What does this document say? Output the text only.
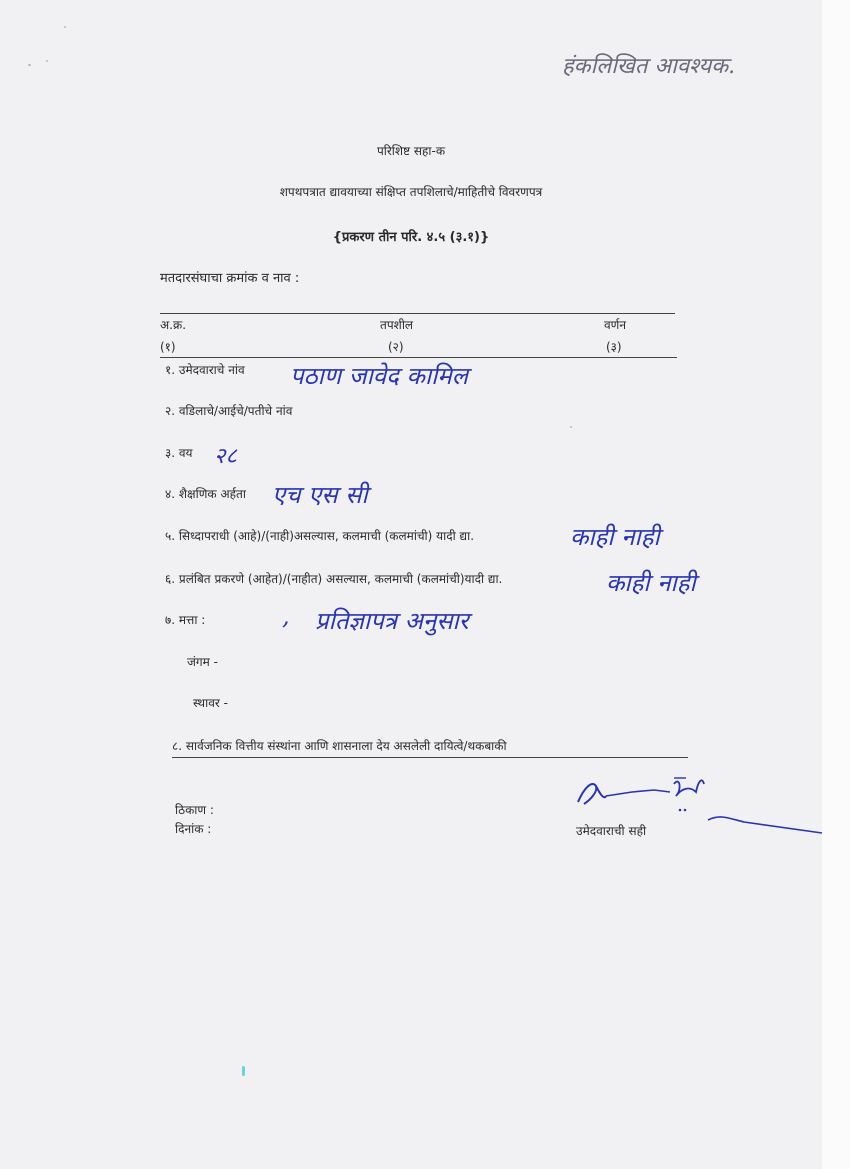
हंकलिखित आवश्यक.
परिशिष्ट सहा-क
शपथपत्रात द्यावयाच्या संक्षिप्त तपशिलाचे/माहितीचे विवरणपत्र
{प्रकरण तीन परि. ४.५ (३.१)}
मतदारसंघाचा क्रमांक व नाव :
अ.क्र.	तपशील	वर्णन
(१)	(२)	(३)
१. उमेदवाराचे नांव पठाण जावेद कामिल
२. वडिलाचे/आईचे/पतीचे नांव
३. वय २८
४. शैक्षणिक अर्हता एच एस सी
५. सिध्दापराधी (आहे)/(नाही)असल्यास, कलमाची (कलमांची) यादी द्या.	काही नाही
६. प्रलंबित प्रकरणे (आहेत)/(नाहीत) असल्यास, कलमाची (कलमांची)यादी द्या.	काही नाही
७. मत्ता :	, प्रतिज्ञापत्र अनुसार
जंगम -
स्थावर -
८. सार्वजनिक वित्तीय संस्थांना आणि शासनाला देय असलेली दायित्वे/थकबाकी
ठिकाण :
दिनांक :	उमेदवाराची सही
